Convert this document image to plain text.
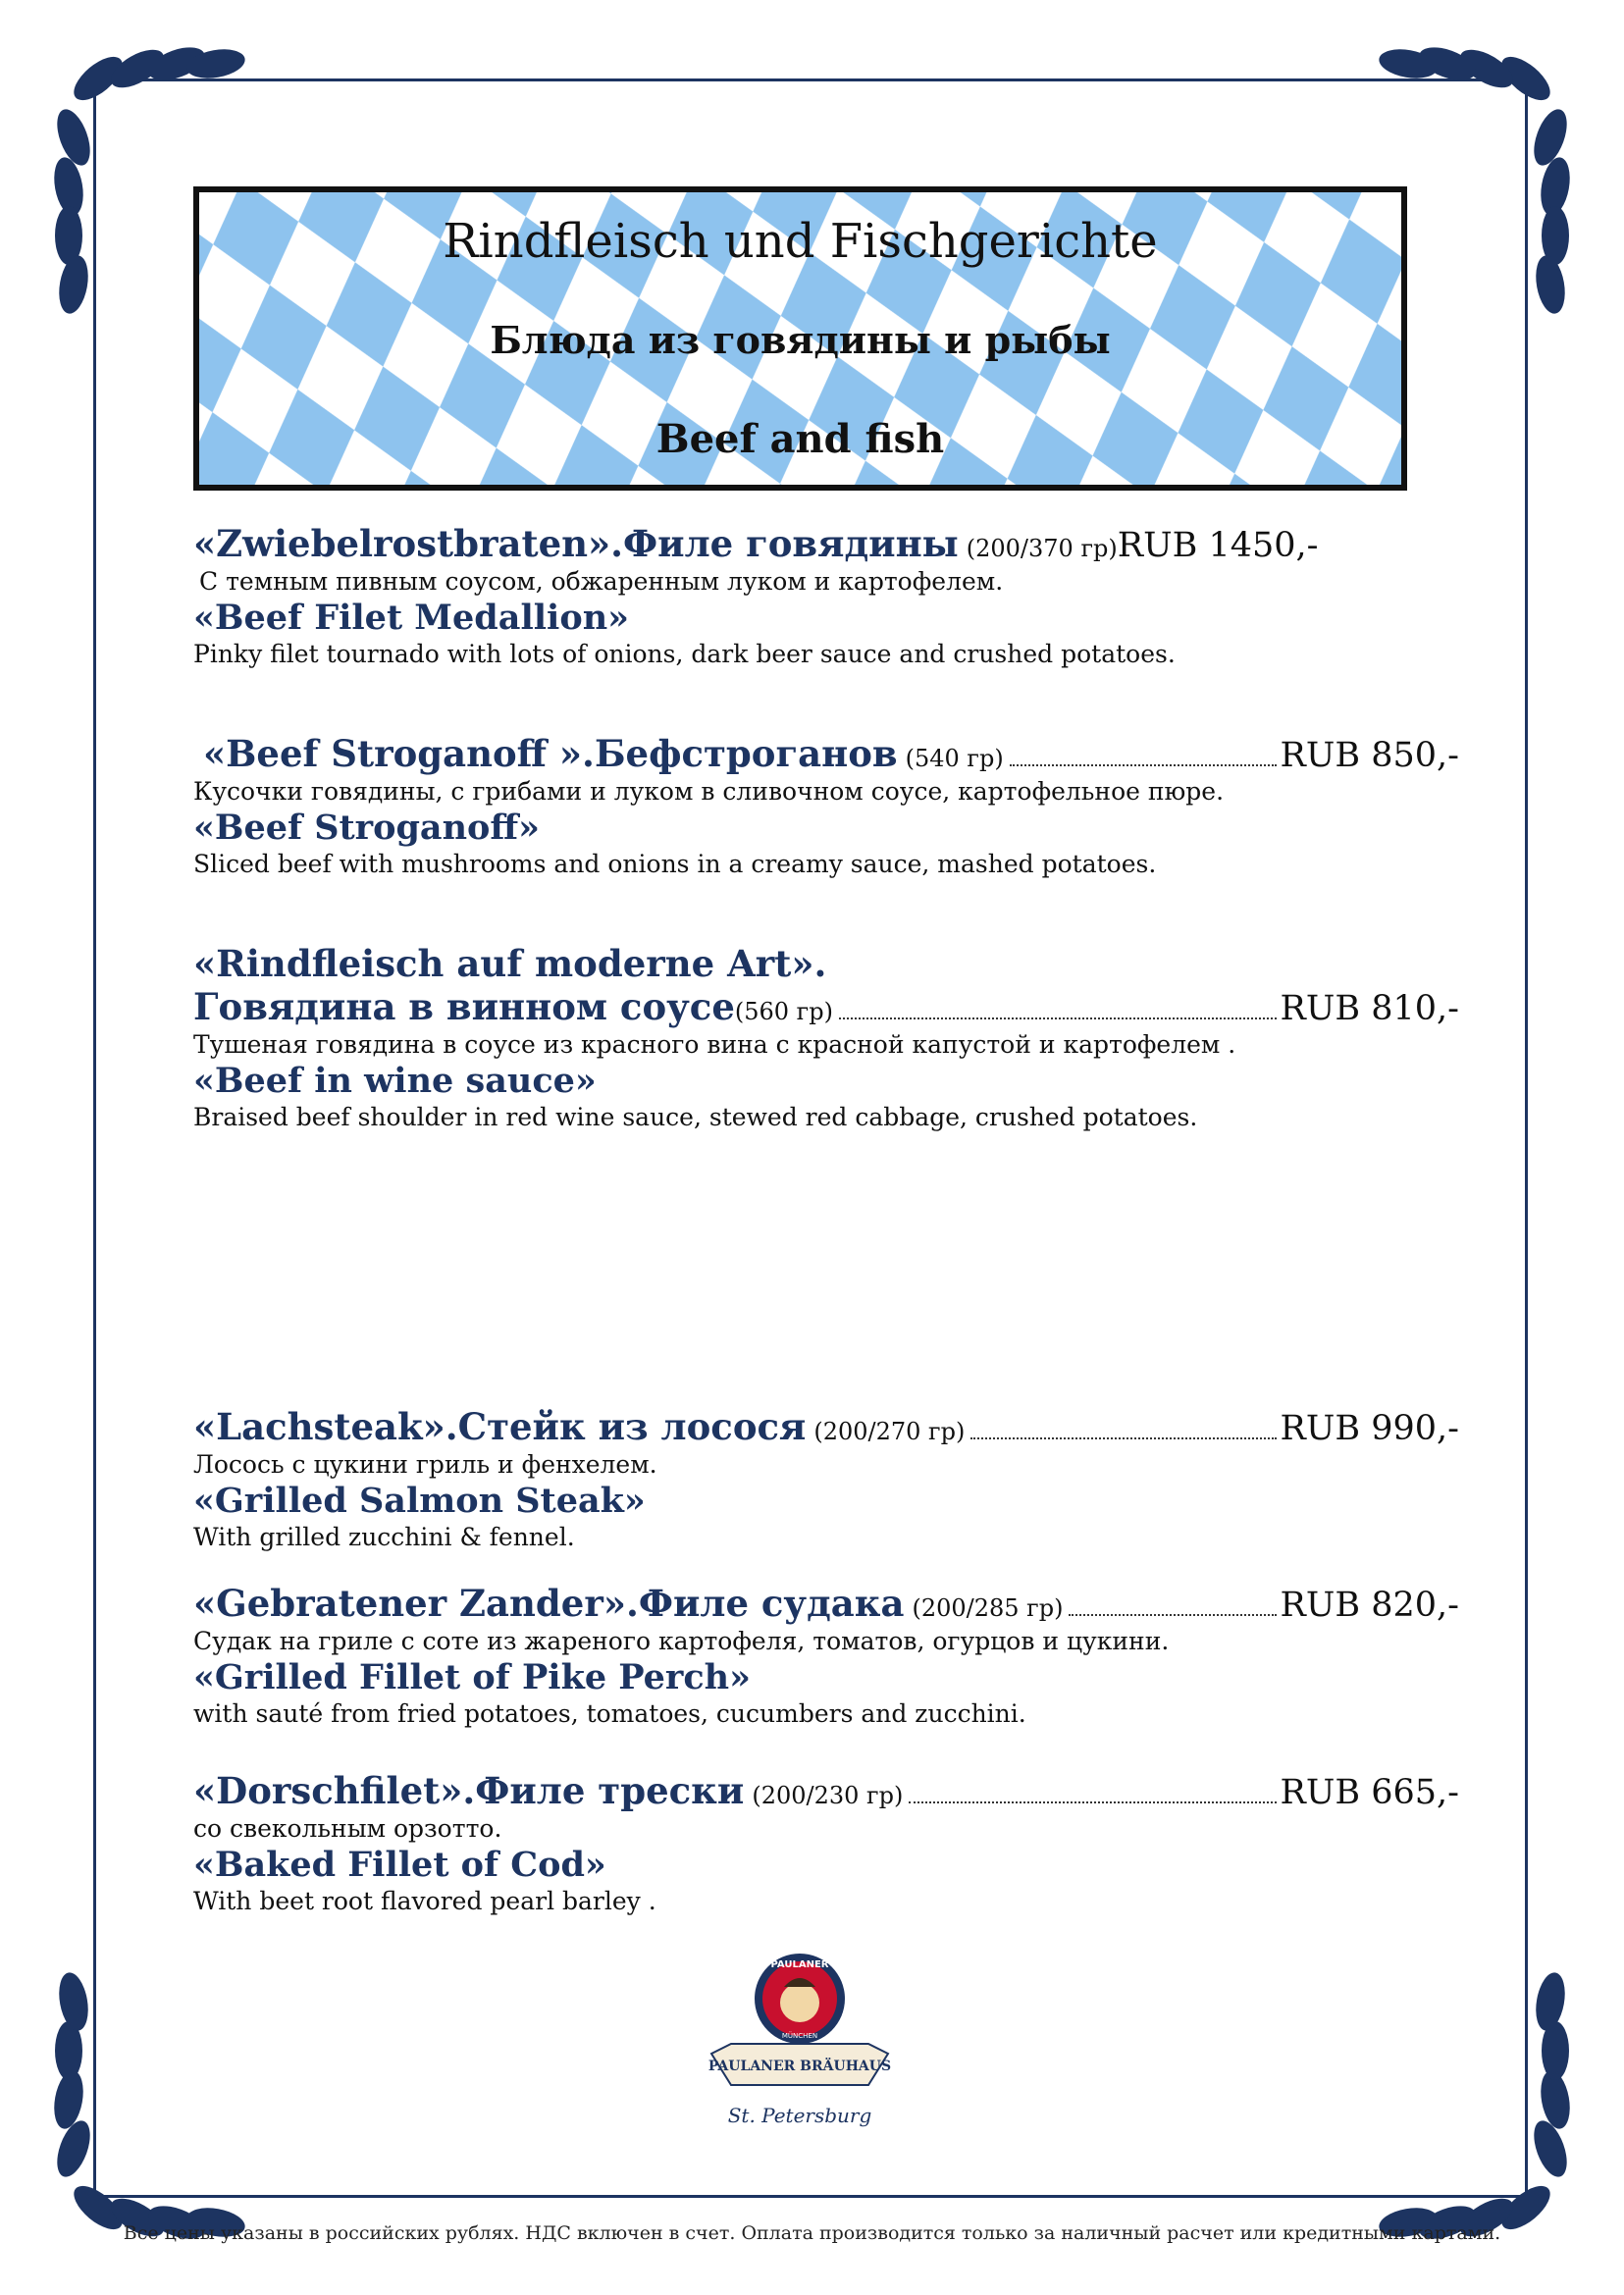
Rindfleisch und Fischgerichte
Блюда из говядины и рыбы
Beef and fish
«Zwiebelrostbraten».Филе говядины (200/370 гр) RUB 1450,-
С темным пивным соусом, обжаренным луком и картофелем.
«Beef Filet Medallion»
Pinky filet tournado with lots of onions, dark beer sauce and crushed potatoes.
«Beef Stroganoff ».Бефстроганов (540 гр)	RUB 850,-
Кусочки говядины, с грибами и луком в сливочном соусе, картофельное пюре.
«Beef Stroganoff»
Sliced beef with mushrooms and onions in a creamy sauce, mashed potatoes.
«Rindfleisch auf moderne Art».
Говядина в винном соусе (560 гр)	RUB 810,-
Тушеная говядина в соусе из красного вина с красной капустой и картофелем .
«Beef in wine sauce»
Braised beef shoulder in red wine sauce, stewed red cabbage, crushed potatoes.
«Lachsteak».Стейк из лосося (200/270 гр)	RUB 990,-
Лосось с цукини гриль и фенхелем.
«Grilled Salmon Steak»
With grilled zucchini & fennel.
«Gebratener Zander».Филе судака (200/285 гр)	RUB 820,-
Судак на гриле с соте из жареного картофеля, томатов, огурцов и цукини.
«Grilled Fillet of Pike Perch»
with sauté from fried potatoes, tomatoes, cucumbers and zucchini.
«Dorschfilet».Филе трески (200/230 гр)	RUB 665,-
со свекольным орзотто.
«Baked Fillet of Cod»
With beet root flavored pearl barley .
PAULANER
MÜNCHEN
PAULANER BRÄUHAUS
St. Petersburg
Все цены указаны в российских рублях. НДС включен в счет. Оплата производится только за наличный расчет или кредитными картами.
